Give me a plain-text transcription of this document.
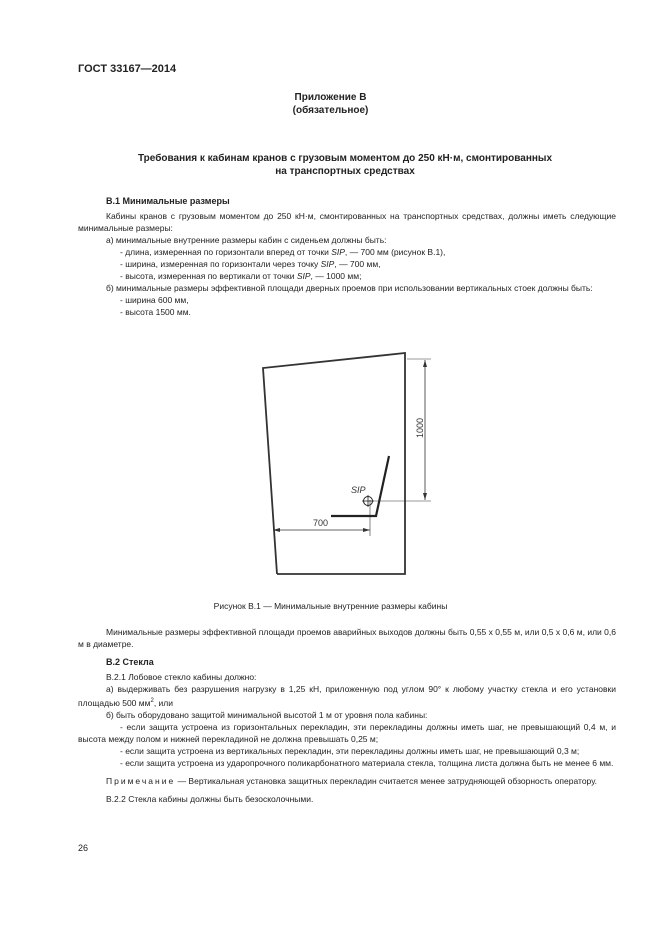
ГОСТ 33167—2014
Приложение В
(обязательное)
Требования к кабинам кранов с грузовым моментом до 250 кН·м, смонтированных
на транспортных средствах
В.1 Минимальные размеры

Кабины кранов с грузовым моментом до 250 кН·м, смонтированных на транспортных средствах, должны иметь следующие минимальные размеры:

а) минимальные внутренние размеры кабин с сиденьем должны быть:

- длина, измеренная по горизонтали вперед от точки SIP, — 700 мм (рисунок В.1),

- ширина, измеренная по горизонтали через точку SIP, — 700 мм,

- высота, измеренная по вертикали от точки SIP, — 1000 мм;

б) минимальные размеры эффективной площади дверных проемов при использовании вертикальных стоек должны быть:

- ширина 600 мм,

- высота 1500 мм.

1000
700
SIP
Рисунок В.1 — Минимальные внутренние размеры кабины

Минимальные размеры эффективной площади проемов аварийных выходов должны быть 0,55 x 0,55 м, или 0,5 x 0,6 м, или 0,6 м в диаметре.

В.2 Стекла

В.2.1 Лобовое стекло кабины должно:

а) выдерживать без разрушения нагрузку в 1,25 кН, приложенную под углом 90° к любому участку стекла и его установки площадью 500 $мм^2$, или

б) быть оборудовано защитой минимальной высотой 1 м от уровня пола кабины:

- если защита устроена из горизонтальных перекладин, эти перекладины должны иметь шаг, не превышающий 0,4 м, и высота между полом и нижней перекладиной не должна превышать 0,25 м;

- если защита устроена из вертикальных перекладин, эти перекладины должны иметь шаг, не превышающий 0,3 м;

- если защита устроена из ударопрочного поликарбонатного материала стекла, толщина листа должна быть не менее 6 мм.

Примечание — Вертикальная установка защитных перекладин считается менее затрудняющей обзорность оператору.

В.2.2 Стекла кабины должны быть безосколочными.

26
